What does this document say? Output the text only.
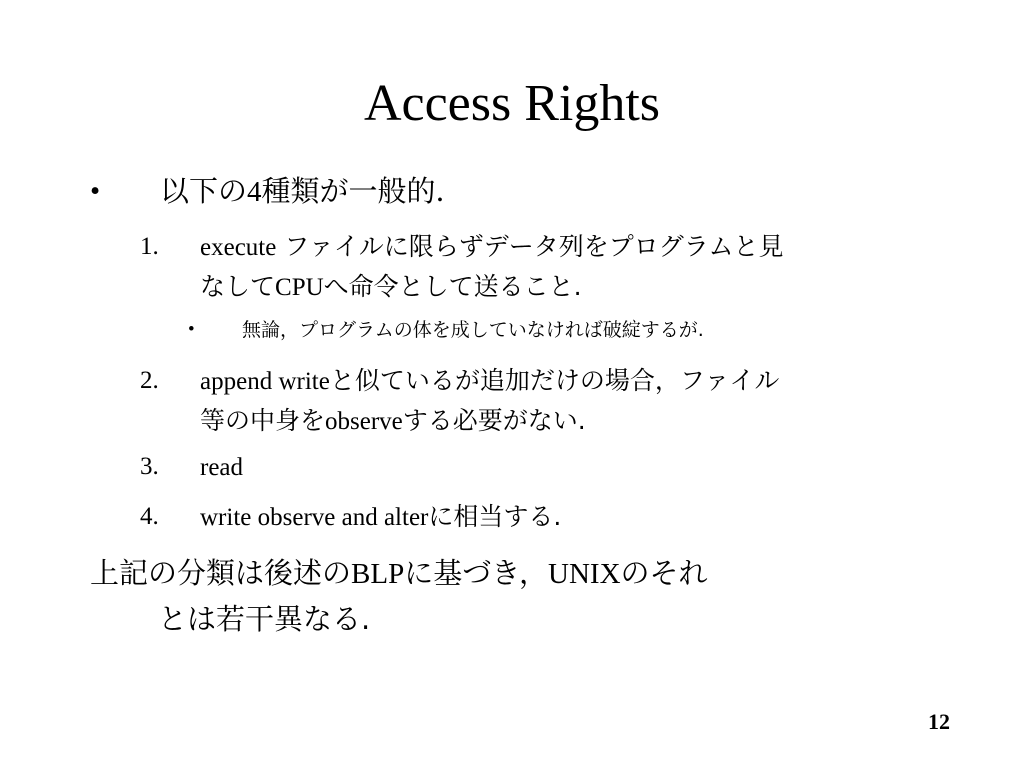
Access Rights
• 以下の4種類が一般的．
1. execute ファイルに限らずデータ列をプログラムと見
なしてCPUへ命令として送ること.
• 無論，プログラムの体を成していなければ破綻するが.
2. append writeと似ているが追加だけの場合，ファイル
等の中身をobserveする必要がない.
3. read
4. write observe and alterに相当する.
上記の分類は後述のBLPに基づき，UNIXのそれ
とは若干異なる.
12
